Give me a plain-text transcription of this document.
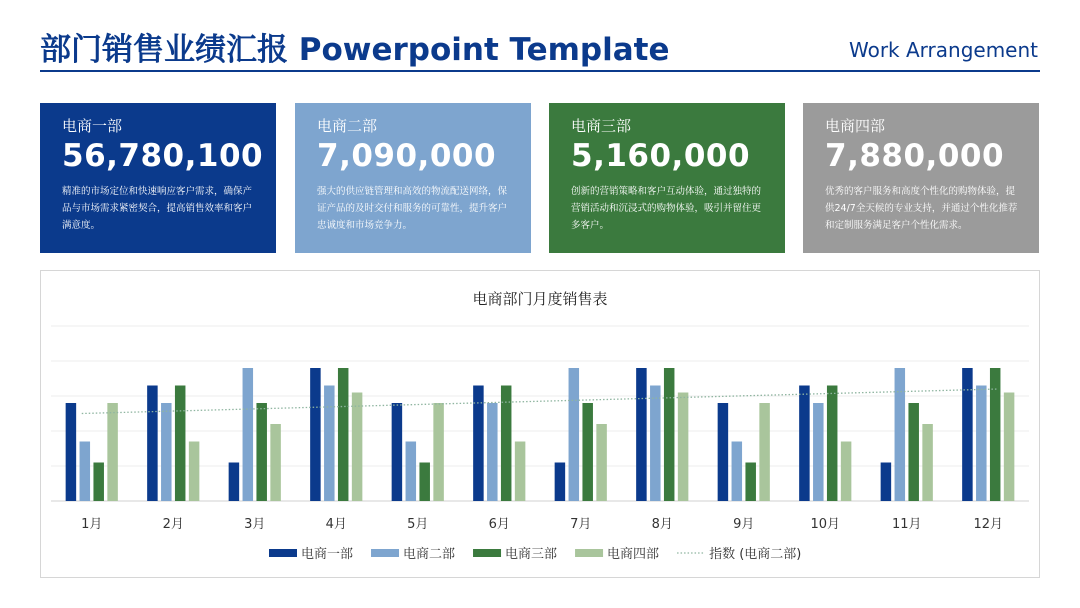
部门销售业绩汇报 Powerpoint Template	Work Arrangement
电商一部
56,780,100
精准的市场定位和快速响应客户需求，确保产品与市场需求紧密契合，提高销售效率和客户满意度。
电商二部
7,090,000
强大的供应链管理和高效的物流配送网络，保证产品的及时交付和服务的可靠性，提升客户忠诚度和市场竞争力。
电商三部
5,160,000
创新的营销策略和客户互动体验，通过独特的营销活动和沉浸式的购物体验，吸引并留住更多客户。
电商四部
7,880,000
优秀的客户服务和高度个性化的购物体验，提供24/7全天候的专业支持，并通过个性化推荐和定制服务满足客户个性化需求。
电商部门月度销售表
1月	2月	3月	4月	5月	6月	7月	8月	9月	10月	11月	12月
电商一部	电商二部	电商三部	电商四部	指数 (电商二部)
